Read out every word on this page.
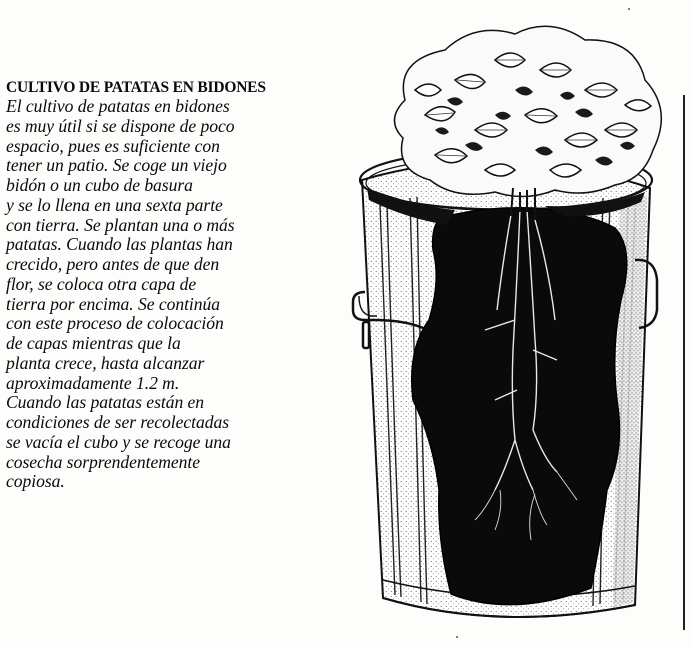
CULTIVO DE PATATAS EN BIDONES
El cultivo de patatas en bidones
es muy útil si se dispone de poco
espacio, pues es suficiente con
tener un patio. Se coge un viejo
bidón o un cubo de basura
y se lo llena en una sexta parte
con tierra. Se plantan una o más
patatas. Cuando las plantas han
crecido, pero antes de que den
flor, se coloca otra capa de
tierra por encima. Se continúa
con este proceso de colocación
de capas mientras que la
planta crece, hasta alcanzar
aproximadamente 1.2 m.
Cuando las patatas están en
condiciones de ser recolectadas
se vacía el cubo y se recoge una
cosecha sorprendentemente
copiosa.
